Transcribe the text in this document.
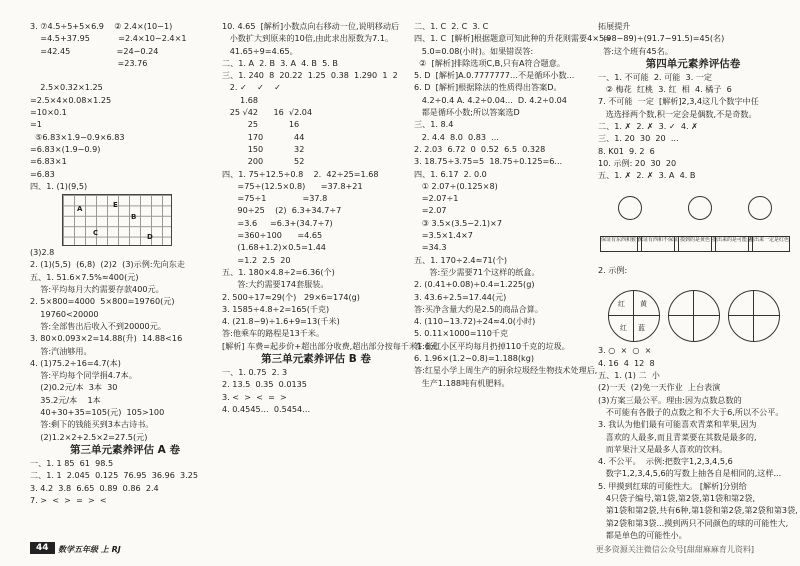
3. ⑦4.5÷5+5×6.9    ② 2.4×(10−1)
=4.5+37.95           =2.4×10−2.4×1
=42.45                  =24−0.24
=23.76
2.5×0.32×1.25
=2.5×4×0.08×1.25
=10×0.1
=1
⑤6.83×1.9−0.9×6.83
=6.83×(1.9−0.9)
=6.83×1
=6.83
四、1. (1)(9,5)
A
B
C	D
E
(3)2.8
2. (1)(5,5)  (6,8)  (2)2  (3)示例:先向东走
五、1. 51.6×7.5%≈400(元)
答:平均每月大约需要存款400元。
2. 5×800=4000  5×800=19760(元)
19760<20000
答:全部售出后收入不到20000元。
3. 80×0.093×2=14.88(升)  14.88<16
答:汽油够用。
4. (1)75.2÷16=4.7(本)
答:平均每个同学捐4.7本。
(2)0.2元/本  3本  30
35.2元/本    1本
40+30+35=105(元)  105>100
答:剩下的钱能买到3本古诗书。
(2)1.2×2+2.5×2=27.5(元)
第三单元素养评估 A 卷
一、1. 1 85  61  98.5
二、1. 1  2.045  0.125  76.95  36.96  3.25
3. 4.2  3.8  6.65  0.89  0.86  2.4
7. >  <  >  =  >  <
10. 4.65  [解析]小数点向右移动一位,说明移动后
小数扩大到原来的10倍,由此求出原数为7.1。
41.65÷9=4.65。
二、1. A  2. B  3. A  4. B  5. B
三、1. 240  8  20.22  1.25  0.38  1.290  1  2
2. ✓    ✓    ✓
1.68
25 √42      16  √2.04
25            16
170            44
150            32
200            52
四、1. 75÷12.5÷0.8    2.  42÷25=1.68
=75÷(12.5×0.8)      =37.8+21
=75÷1              =37.8
90÷25    (2)  6.3+34.7÷7
=3.6     =6.3+(34.7÷7)
=360÷100      =4.65
(1.68+1.2)×0.5=1.44
=1.2  2.5  20
五、1. 180×4.8÷2=6.36(个)
答:大约需要174套服装。
2. 500÷17≈29(个)   29×6=174(g)
3. 1585÷4.8÷2=165(千克)
4. (21.8−9)÷1.6+9=13(千米)
答:他乘车的路程是13千米。
[解析] 车费=起步价+超出部分收费,超出部分按每千米1.6元
第三单元素养评估 B 卷
一、1. 0.75  2. 3
2. 13.5  0.35  0.0135
3. <  >  <  =  >
4. 0.4545…  0.5454…
二、1. C  2. C  3. C
四、1. C  [解析]根据题意可知此种的升花则需要4×5=
5.0=0.08(小时)。如果错误答:
②  [解析]排除选项C,B,只有A符合题意。
5. D  [解析]A.0.7777777…不是循环小数...
6. D  [解析]根据除法的性质得出答案D。
4.2÷0.4 A. 4.2÷0.04...  D. 4.2÷0.04
都是循环小数;所以答案选D
三、1. 8.4
2. 4.4  8.0  0.83  ...
2. 2.03  6.72  0  0.52  6.5  0.328
3. 18.75÷3.75=5  18.75÷0.125=6...
四、1. 6.17  2. 0.0
① 2.07÷(0.125×8)
=2.07÷1
=2.07
③ 3.5×(3.5−2.1)×7
=3.5×1.4×7
=34.3
五、1. 170÷2.4≈71(个)
答:至少需要71个这样的纸盒。
2. (0.41+0.08)÷0.4=1.225(g)
3. 43.6÷2.5=17.44(元)
答:买净含量大约是2.5的商品合算。
4. (110−13.72)÷24≈4.0(小时)
5. 0.11×1000=110千克
答:张虹小区平均每月扔掉110千克的垃圾。
6. 1.96×(1.2−0.8)=1.188(kg)
答:红星小学上周生产的厨余垃圾经生物技术处理后,
生产1.188吨有机肥料。
拓展提升
(98−89)÷(91.7−91.5)=45(名)
答:这个班有45名。
第四单元素养评估卷
一、1. 不可能  2. 可能  3. 一定
② 梅花  红桃  3. 红  相  4. 橘子  6
7. 不可能  一定  [解析]2,3,4这几个数字中任
选选择两个数,积一定会是偶数,不是奇数。
二、1. ✗  2. ✗  3. ✓  4. ✗
三、1. 20  30  20  ...
8. K01  9. 2  6
10. 示例: 20  30  20
五、1. ✗  2. ✗  3. A  4. B
保证有东西和猴子
保证有西和不保证 摸到的是黄色 摸出来的是可能是
摸出来一定是红色
2. 示例:
红 黄
红 蓝
3. ○  ×  ○  ×
4. 16  4  12  8
五、1. (1) 二  小
(2)一天  (2)免一天作业  上台表演
(3)方案三最公平。理由:因为点数总数的
不可能有各骰子的点数之和不大于6,所以不公平。
3. 我认为他们最有可能喜欢青菜和苹果,因为
喜欢的人最多,而且青菜要在其数是最多的,
而苹果汁又是最多人喜欢的饮料。
4. 不公平。  示例:把数字1,2,3,4,5,6
数字1,2,3,4,5,6的写数上抽各自是相同的,这样...
5. 甲摸到红球的可能性大。 [解析]分别给
4只袋子编号,第1袋,第2袋,第1袋和第2袋,
第1袋和第2袋,共有6种,第1袋和第2袋,第2袋和第3袋,
第2袋和第3袋...摸到两只不同颜色的球的可能性大,
都是单色的可能性小。
44	数学五年级 上 RJ	更多资源关注微信公众号[甜甜麻麻育儿资料]
